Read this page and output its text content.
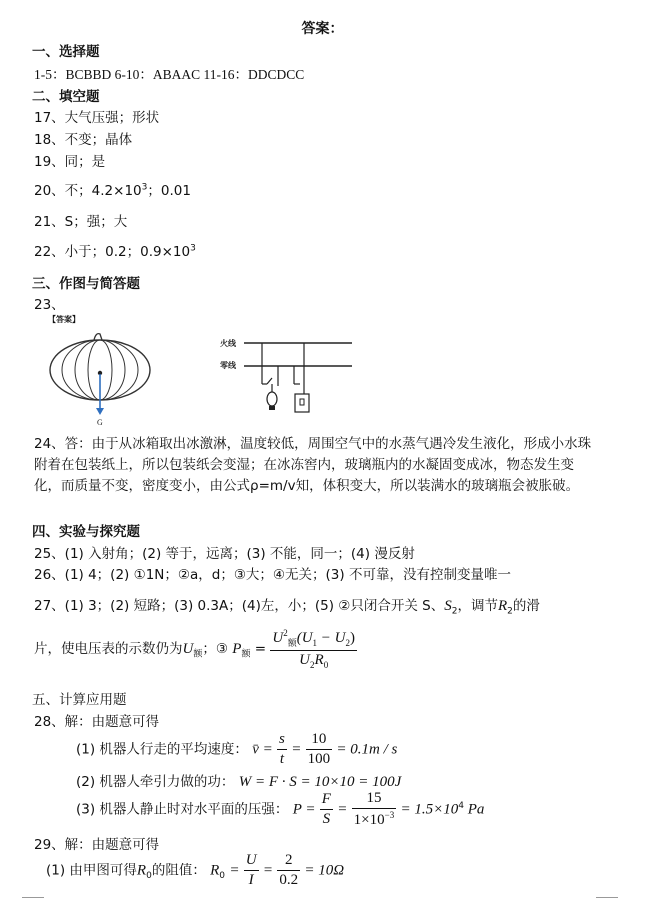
答案：
一、选择题
1-5：BCBBD 6-10：ABAAC 11-16：DDCDCC
二、填空题
17、大气压强；形状
18、不变；晶体
19、同；是
20、不；$4.2\times 10^3$；0.01
21、S；强；大
22、小于；0.2；$0.9\times 10^3$
三、作图与简答题
23、
【答案】
G
火线
零线
24、答：由于从冰箱取出冰激淋，温度较低，周围空气中的水蒸气遇冷发生液化，形成小水珠附着在包装纸上，所以包装纸会变湿；在冰冻窖内，玻璃瓶内的水凝固变成冰，物态发生变化，而质量不变，密度变小，由公式ρ=m/v知，体积变大，所以装满水的玻璃瓶会被胀破。
四、实验与探究题
25、(1) 入射角；(2) 等于，远离；(3) 不能，同一；(4) 漫反射
26、(1) 4；(2) ①1N；②a，d；③大；④无关；(3) 不可靠，没有控制变量唯一
27、(1) 3；(2) 短路；(3) 0.3A；(4)左，小；(5) ②只闭合开关 S、$S_2$，调节$R_2$的滑
片，使电压表的示数仍为$U_额$；③ $P_额 = \frac{U^2_额(U_1 - U_2)}{U_2R_0}$
五、计算应用题
28、解：由题意可得
(1) 机器人行走的平均速度： v̄ = $\frac{s}{t} = \frac{10}{100} = 0.1m / s$
(2) 机器人牵引力做的功： W = F · S = 10×10 = 100J
(3) 机器人静止时对水平面的压强： $P = \frac{F}{S} = \frac{15}{1\times 10^{-3}} = 1.5\times 10^4$ Pa
29、解：由题意可得
(1) 由甲图可得$R_0$的阻值： $R_0 = \frac{U}{I} = \frac{2}{0.2} = 10\Omega$
